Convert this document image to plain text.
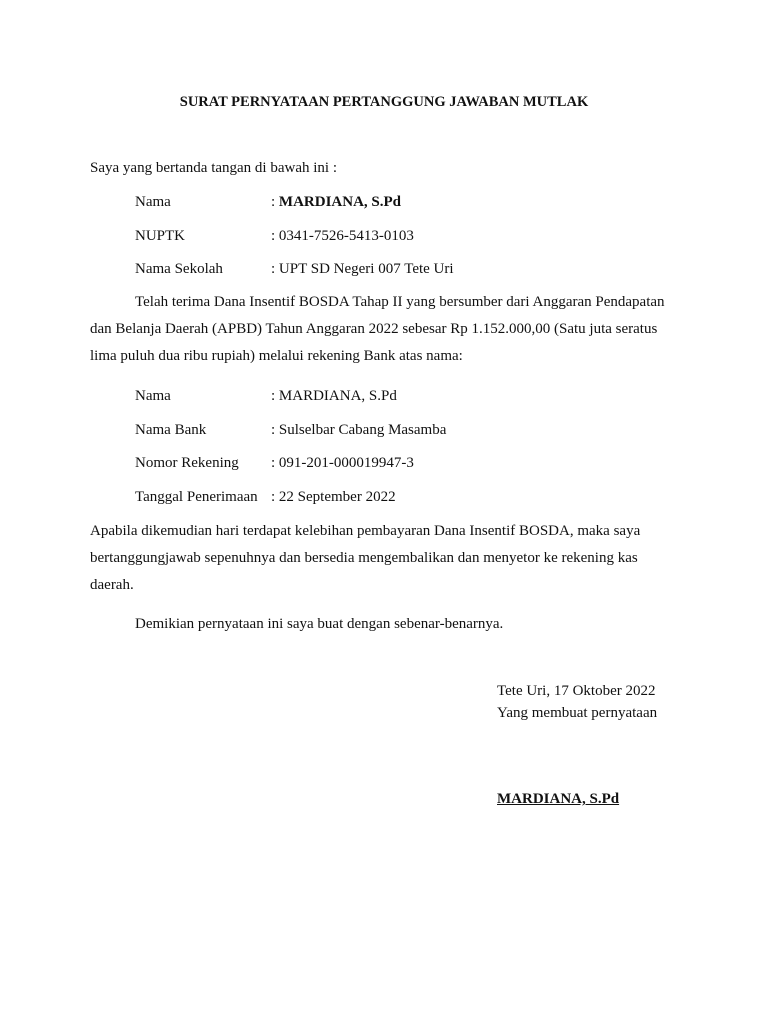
SURAT PERNYATAAN PERTANGGUNG JAWABAN MUTLAK
Saya yang bertanda tangan di bawah ini :
Nama	: MARDIANA, S.Pd
NUPTK	: 0341-7526-5413-0103
Nama Sekolah	: UPT SD Negeri 007 Tete Uri
Telah terima Dana Insentif BOSDA Tahap II yang bersumber dari Anggaran Pendapatan
dan Belanja Daerah (APBD) Tahun Anggaran 2022 sebesar Rp 1.152.000,00 (Satu juta seratus
lima puluh dua ribu rupiah) melalui rekening Bank atas nama:
Nama	: MARDIANA, S.Pd
Nama Bank	: Sulselbar Cabang Masamba
Nomor Rekening : 091-201-000019947-3
Tanggal Penerimaan : 22 September 2022
Apabila dikemudian hari terdapat kelebihan pembayaran Dana Insentif BOSDA, maka saya
bertanggungjawab sepenuhnya dan bersedia mengembalikan dan menyetor ke rekening kas
daerah.
Demikian pernyataan ini saya buat dengan sebenar-benarnya.
Tete Uri, 17 Oktober 2022
Yang membuat pernyataan
MARDIANA, S.Pd
